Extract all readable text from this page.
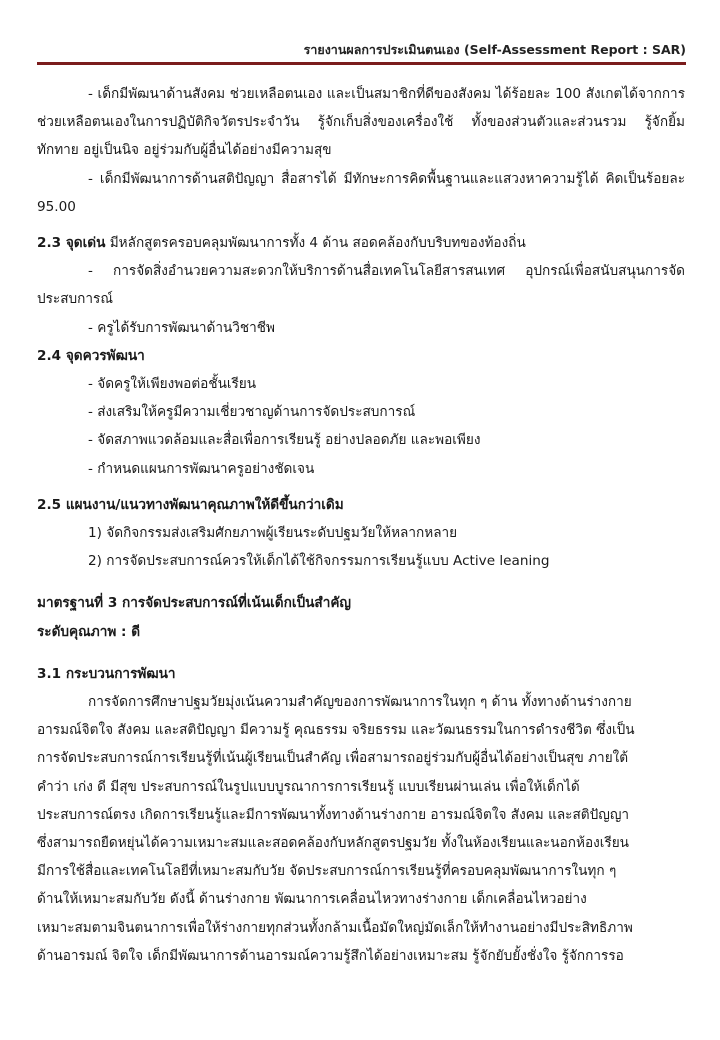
รายงานผลการประเมินตนเอง (Self-Assessment Report : SAR)

- เด็กมีพัฒนาด้านสังคม ช่วยเหลือตนเอง และเป็นสมาชิกที่ดีของสังคม ได้ร้อยละ 100 สังเกตได้จากการช่วยเหลือตนเองในการปฏิบัติกิจวัตรประจำวัน รู้จักเก็บสิ่งของเครื่องใช้ ทั้งของส่วนตัวและส่วนรวม รู้จักยิ้ม ทักทาย อยู่เป็นนิจ อยู่ร่วมกับผู้อื่นได้อย่างมีความสุข

- เด็กมีพัฒนาการด้านสติปัญญา สื่อสารได้ มีทักษะการคิดพื้นฐานและแสวงหาความรู้ได้ คิดเป็นร้อยละ 95.00

2.3 จุดเด่น มีหลักสูตรครอบคลุมพัฒนาการทั้ง 4 ด้าน สอดคล้องกับบริบทของท้องถิ่น

- การจัดสิ่งอำนวยความสะดวกให้บริการด้านสื่อเทคโนโลยีสารสนเทศ อุปกรณ์เพื่อสนับสนุนการจัดประสบการณ์

- ครูได้รับการพัฒนาด้านวิชาชีพ

2.4 จุดควรพัฒนา

- จัดครูให้เพียงพอต่อชั้นเรียน

- ส่งเสริมให้ครูมีความเชี่ยวชาญด้านการจัดประสบการณ์

- จัดสภาพแวดล้อมและสื่อเพื่อการเรียนรู้ อย่างปลอดภัย และพอเพียง

- กำหนดแผนการพัฒนาครูอย่างชัดเจน

2.5 แผนงาน/แนวทางพัฒนาคุณภาพให้ดีขึ้นกว่าเดิม

1) จัดกิจกรรมส่งเสริมศักยภาพผู้เรียนระดับปฐมวัยให้หลากหลาย

2) การจัดประสบการณ์ควรให้เด็กได้ใช้กิจกรรมการเรียนรู้แบบ Active leaning

มาตรฐานที่ 3 การจัดประสบการณ์ที่เน้นเด็กเป็นสำคัญ

ระดับคุณภาพ : ดี

3.1 กระบวนการพัฒนา

การจัดการศึกษาปฐมวัยมุ่งเน้นความสำคัญของการพัฒนาการในทุก ๆ ด้าน ทั้งทางด้านร่างกาย
อารมณ์จิตใจ สังคม และสติปัญญา มีความรู้ คุณธรรม จริยธรรม และวัฒนธรรมในการดำรงชีวิต ซึ่งเป็น
การจัดประสบการณ์การเรียนรู้ที่เน้นผู้เรียนเป็นสำคัญ เพื่อสามารถอยู่ร่วมกับผู้อื่นได้อย่างเป็นสุข ภายใต้
คำว่า เก่ง ดี มีสุข ประสบการณ์ในรูปแบบบูรณาการการเรียนรู้ แบบเรียนผ่านเล่น เพื่อให้เด็กได้
ประสบการณ์ตรง เกิดการเรียนรู้และมีการพัฒนาทั้งทางด้านร่างกาย อารมณ์จิตใจ สังคม และสติปัญญา
ซึ่งสามารถยืดหยุ่นได้ความเหมาะสมและสอดคล้องกับหลักสูตรปฐมวัย ทั้งในห้องเรียนและนอกห้องเรียน
มีการใช้สื่อและเทคโนโลยีที่เหมาะสมกับวัย จัดประสบการณ์การเรียนรู้ที่ครอบคลุมพัฒนาการในทุก ๆ
ด้านให้เหมาะสมกับวัย ดังนี้ ด้านร่างกาย พัฒนาการเคลื่อนไหวทางร่างกาย เด็กเคลื่อนไหวอย่าง
เหมาะสมตามจินตนาการเพื่อให้ร่างกายทุกส่วนทั้งกล้ามเนื้อมัดใหญ่มัดเล็กให้ทำงานอย่างมีประสิทธิภาพ
ด้านอารมณ์ จิตใจ เด็กมีพัฒนาการด้านอารมณ์ความรู้สึกได้อย่างเหมาะสม รู้จักยับยั้งชั่งใจ รู้จักการรอ
